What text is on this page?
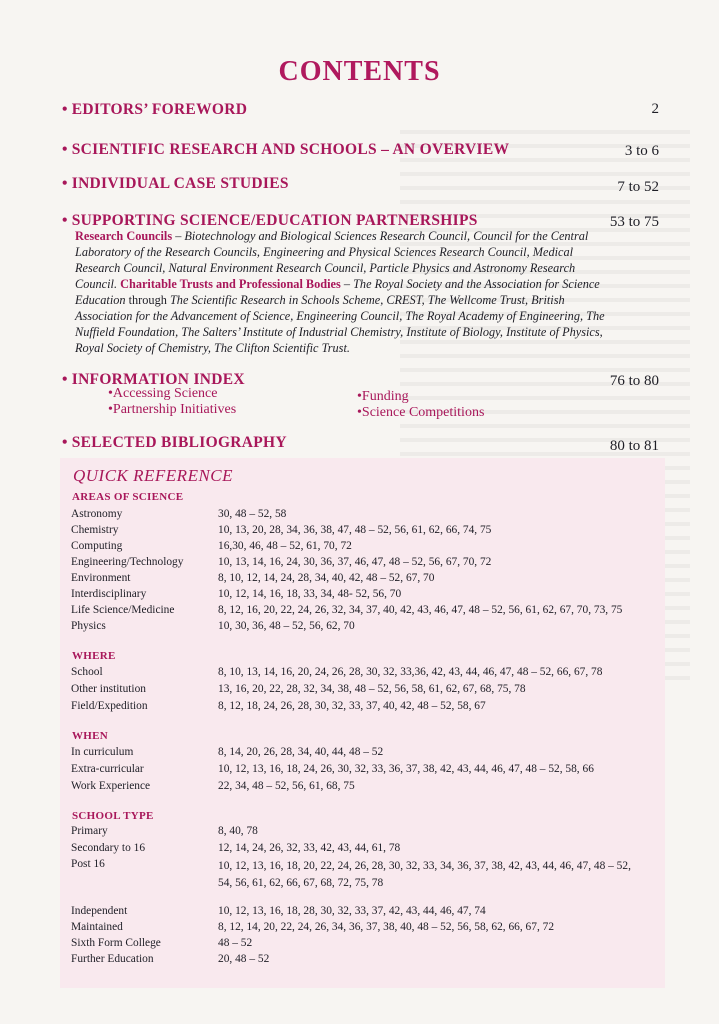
CONTENTS
• EDITORS’ FOREWORD	2
• SCIENTIFIC RESEARCH AND SCHOOLS – AN OVERVIEW	3 to 6
• INDIVIDUAL CASE STUDIES	7 to 52
• SUPPORTING SCIENCE/EDUCATION PARTNERSHIPS	53 to 75
Research Councils – Biotechnology and Biological Sciences Research Council, Council for the Central Laboratory of the Research Councils, Engineering and Physical Sciences Research Council, Medical Research Council, Natural Environment Research Council, Particle Physics and Astronomy Research Council. Charitable Trusts and Professional Bodies – The Royal Society and the Association for Science Education through The Scientific Research in Schools Scheme, CREST, The Wellcome Trust, British Association for the Advancement of Science, Engineering Council, The Royal Academy of Engineering, The Nuffield Foundation, The Salters’ Institute of Industrial Chemistry, Institute of Biology, Institute of Physics, Royal Society of Chemistry, The Clifton Scientific Trust.
• INFORMATION INDEX	76 to 80
• Accessing Science
• Partnership Initiatives
• Funding
• Science Competitions
• SELECTED BIBLIOGRAPHY	80 to 81
QUICK REFERENCE
AREAS OF SCIENCE
Astronomy	30, 48 – 52, 58
Chemistry	10, 13, 20, 28, 34, 36, 38, 47, 48 – 52, 56, 61, 62, 66, 74, 75
Computing	16,30, 46, 48 – 52, 61, 70, 72
Engineering/Technology	10, 13, 14, 16, 24, 30, 36, 37, 46, 47, 48 – 52, 56, 67, 70, 72
Environment	8, 10, 12, 14, 24, 28, 34, 40, 42, 48 – 52, 67, 70
Interdisciplinary	10, 12, 14, 16, 18, 33, 34, 48- 52, 56, 70
Life Science/Medicine	8, 12, 16, 20, 22, 24, 26, 32, 34, 37, 40, 42, 43, 46, 47, 48 – 52, 56, 61, 62, 67, 70, 73, 75
Physics	10, 30, 36, 48 – 52, 56, 62, 70
WHERE
School	8, 10, 13, 14, 16, 20, 24, 26, 28, 30, 32, 33,36, 42, 43, 44, 46, 47, 48 – 52, 66, 67, 78
Other institution	13, 16, 20, 22, 28, 32, 34, 38, 48 – 52, 56, 58, 61, 62, 67, 68, 75, 78
Field/Expedition	8, 12, 18, 24, 26, 28, 30, 32, 33, 37, 40, 42, 48 – 52, 58, 67
WHEN
In curriculum	8, 14, 20, 26, 28, 34, 40, 44, 48 – 52
Extra-curricular	10, 12, 13, 16, 18, 24, 26, 30, 32, 33, 36, 37, 38, 42, 43, 44, 46, 47, 48 – 52, 58, 66
Work Experience	22, 34, 48 – 52, 56, 61, 68, 75
SCHOOL TYPE
Primary	8, 40, 78
Secondary to 16	12, 14, 24, 26, 32, 33, 42, 43, 44, 61, 78
Post 16	10, 12, 13, 16, 18, 20, 22, 24, 26, 28, 30, 32, 33, 34, 36, 37, 38, 42, 43, 44, 46, 47, 48 – 52, 54, 56, 61, 62, 66, 67, 68, 72, 75, 78
Independent	10, 12, 13, 16, 18, 28, 30, 32, 33, 37, 42, 43, 44, 46, 47, 74
Maintained	8, 12, 14, 20, 22, 24, 26, 34, 36, 37, 38, 40, 48 – 52, 56, 58, 62, 66, 67, 72
Sixth Form College	48 – 52
Further Education	20, 48 – 52
